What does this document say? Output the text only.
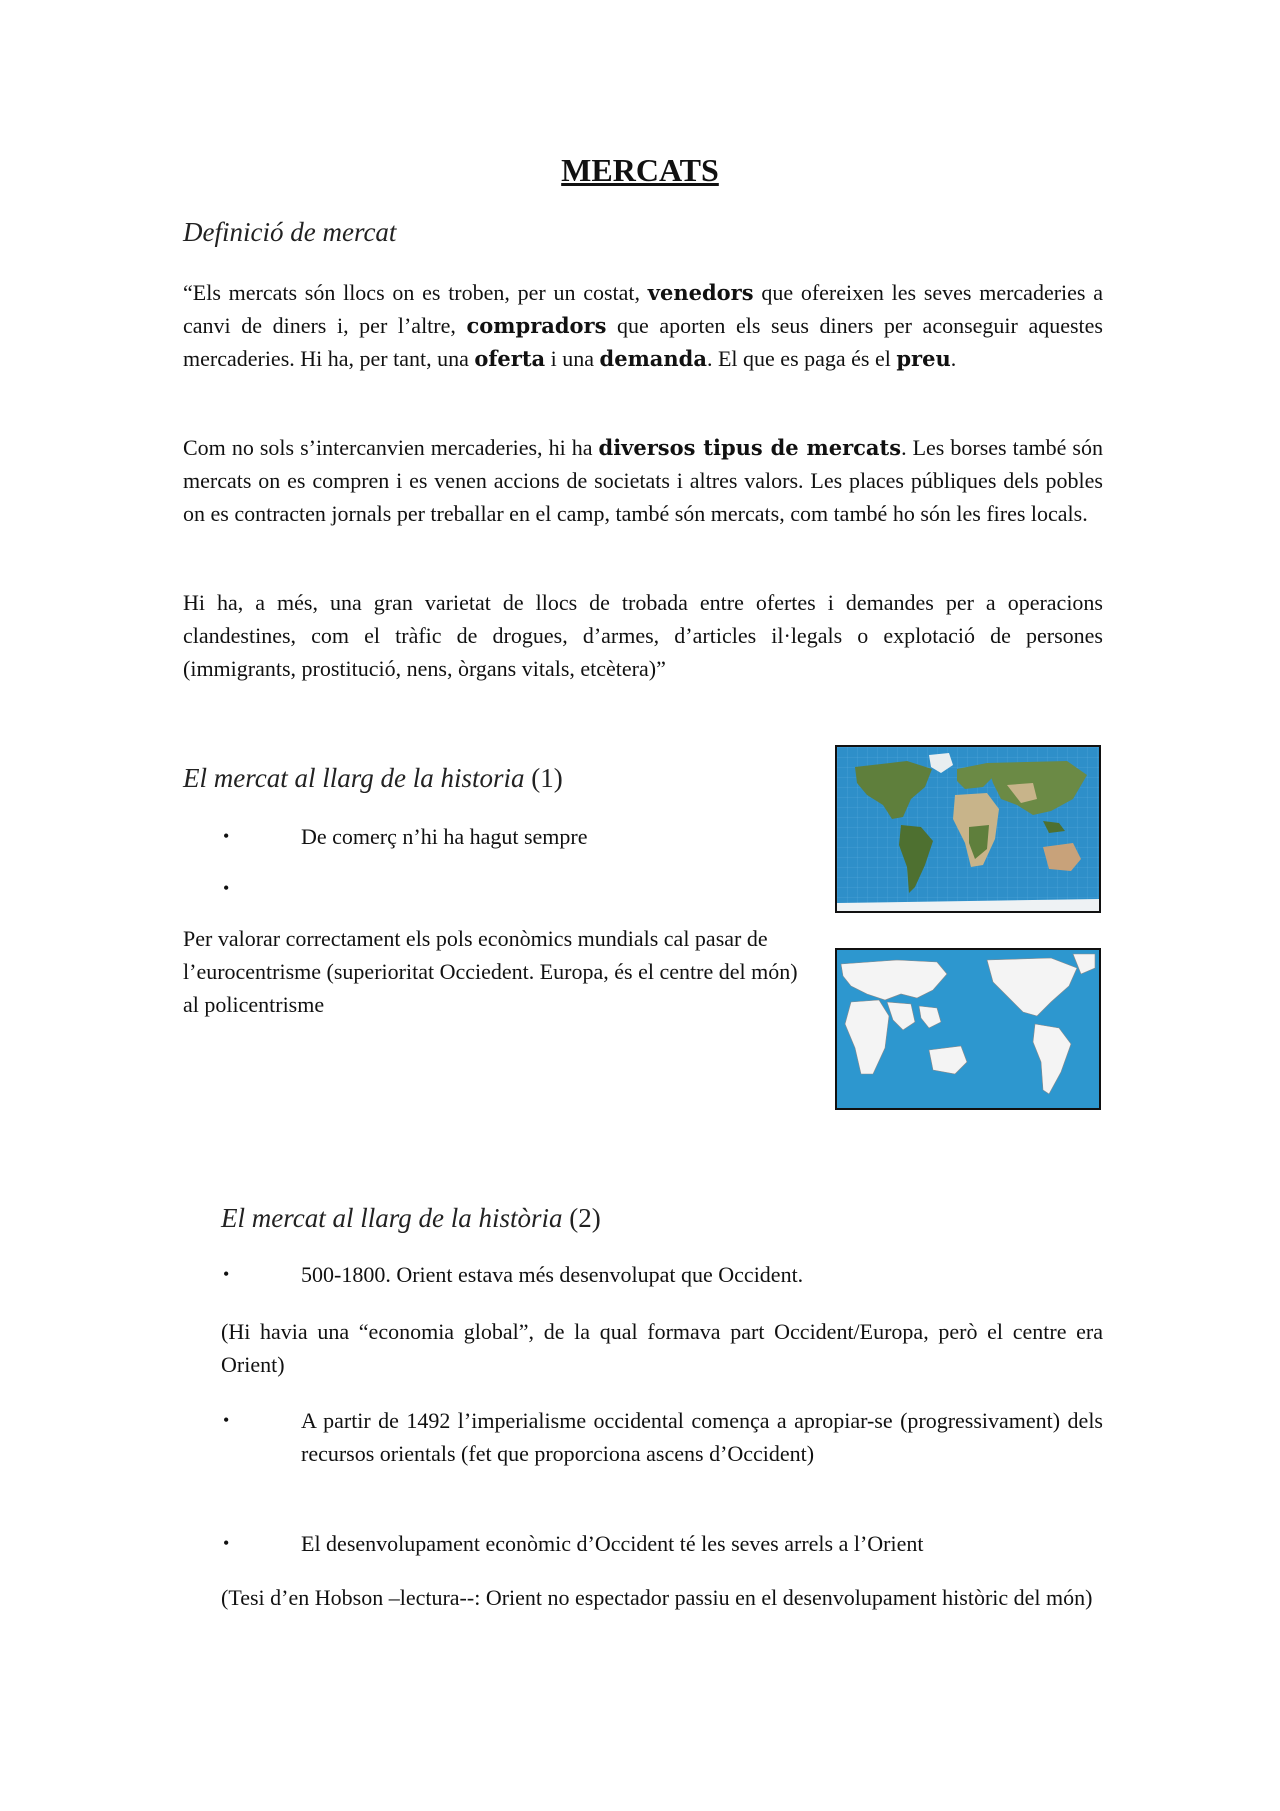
MERCATS
Definició de mercat

“Els mercats són llocs on es troben, per un costat, venedors que ofereixen les seves mercaderies a canvi de diners i, per l’altre, compradors que aporten els seus diners per aconseguir aquestes mercaderies. Hi ha, per tant, una oferta i una demanda. El que es paga és el preu.

Com no sols s’intercanvien mercaderies, hi ha diversos tipus de mercats. Les borses també són mercats on es compren i es venen accions de societats i altres valors. Les places públiques dels pobles on es contracten jornals per treballar en el camp, també són mercats, com també ho són les fires locals.

Hi ha, a més, una gran varietat de llocs de trobada entre ofertes i demandes per a operacions clandestines, com el tràfic de drogues, d’armes, d’articles il·legals o explotació de persones (immigrants, prostitució, nens, òrgans vitals, etcètera)”

El mercat al llarg de la historia (1)
•	De comerç n’hi ha hagut sempre
•

Per valorar correctament els pols econòmics mundials cal pasar de l’eurocentrisme (superioritat Occiedent. Europa, és el centre del món) al policentrisme

El mercat al llarg de la història (2)
•	500-1800. Orient estava més desenvolupat que Occident.

(Hi havia una “economia global”, de la qual formava part Occident/Europa, però el centre era Orient)

•	A partir de 1492 l’imperialisme occidental comença a apropiar-se (progressivament) dels recursos orientals (fet que proporciona ascens d’Occident)
•	El desenvolupament econòmic d’Occident té les seves arrels a l’Orient

(Tesi d’en Hobson –lectura--: Orient no espectador passiu en el desenvolupament històric del món)
